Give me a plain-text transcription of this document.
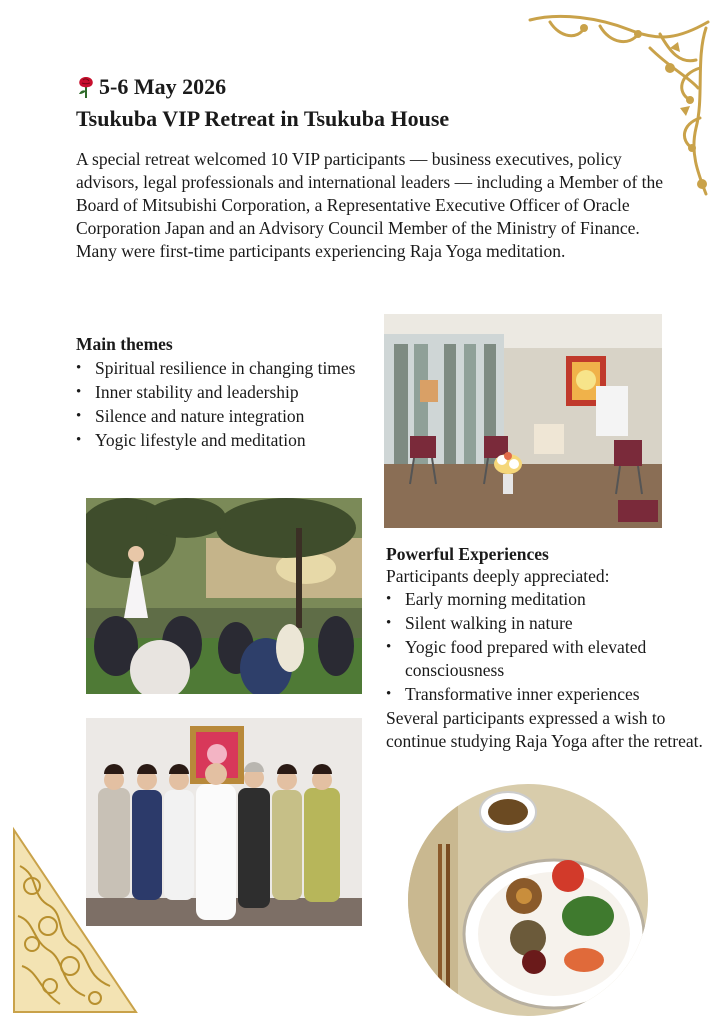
5-6 May 2026
Tsukuba VIP Retreat in Tsukuba House
A special retreat welcomed 10 VIP participants — business executives, policy advisors, legal professionals and international leaders — including a Member of the Board of Mitsubishi Corporation, a Representative Executive Officer of Oracle Corporation Japan and an Advisory Council Member of the Ministry of Finance. Many were first-time participants experiencing Raja Yoga meditation.
Main themes
• Spiritual resilience in changing times
• Inner stability and leadership
• Silence and nature integration
• Yogic lifestyle and meditation
Powerful Experiences
Participants deeply appreciated:
• Early morning meditation
• Silent walking in nature
• Yogic food prepared with elevated consciousness
• Transformative inner experiences
Several participants expressed a wish to continue studying Raja Yoga after the retreat.
